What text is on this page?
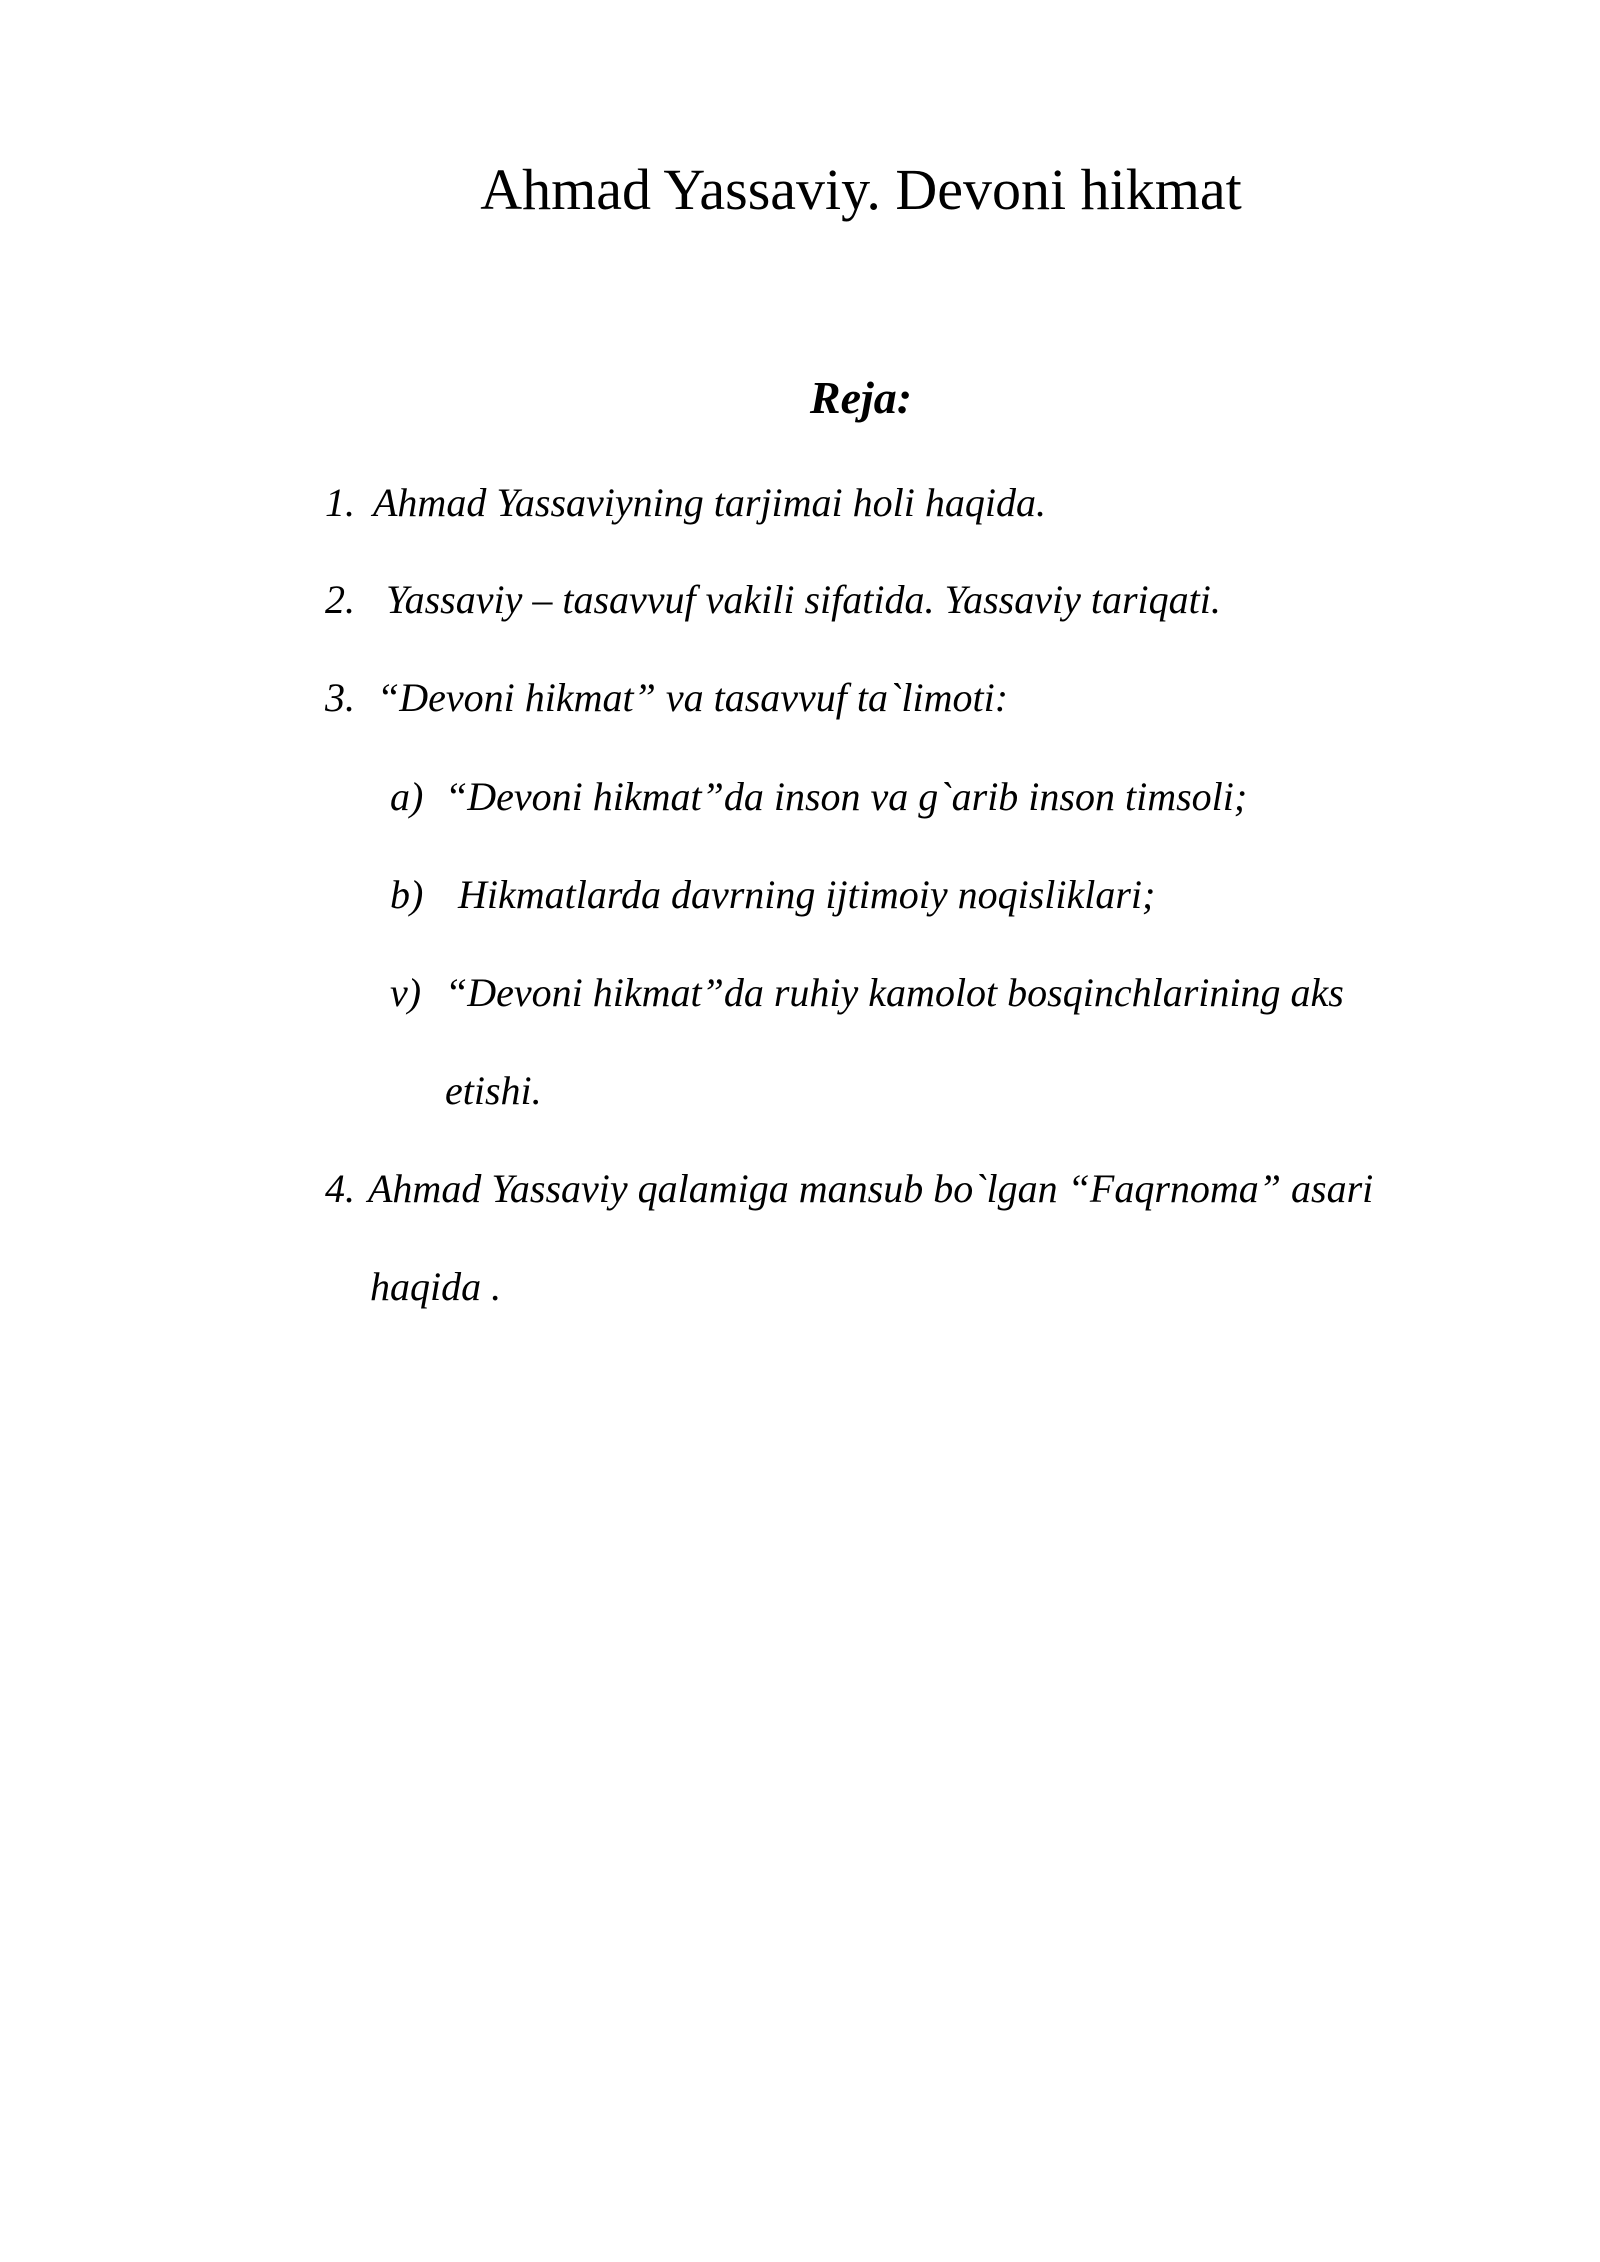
Ahmad Yassaviy. Devoni hikmat
Reja:
1. Ahmad Yassaviyning tarjimai holi haqida.
2. Yassaviy – tasavvuf vakili sifatida. Yassaviy tariqati.
3. “Devoni hikmat” va tasavvuf ta`limoti:
a) “Devoni hikmat”da inson va g`arib inson timsoli;
b) Hikmatlarda davrning ijtimoiy noqisliklari;
v) “Devoni hikmat”da ruhiy kamolot bosqinchlarining aks
etishi.
4. Ahmad Yassaviy qalamiga mansub bo`lgan “Faqrnoma” asari
haqida .
